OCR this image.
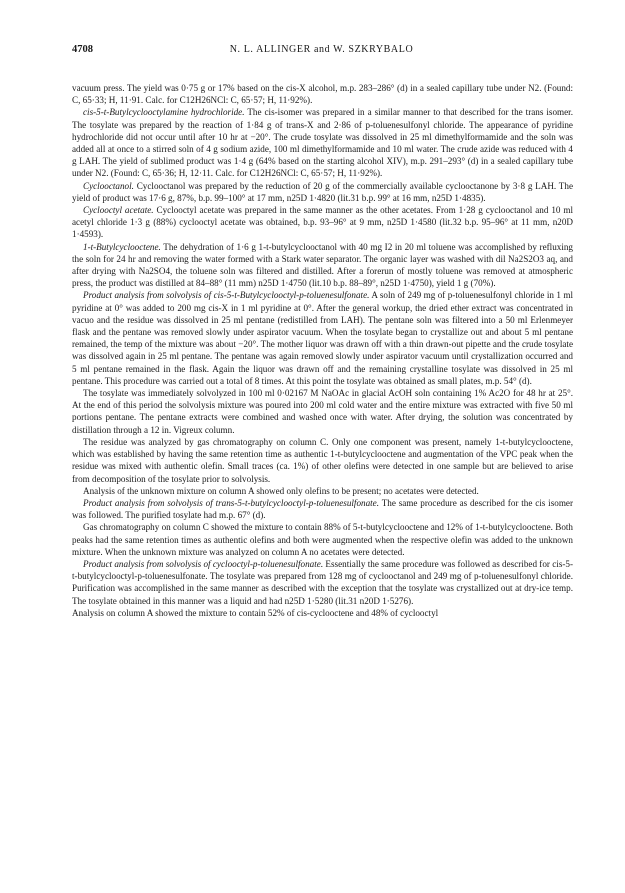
4708	N. L. ALLINGER and W. SZKRYBALO

vacuum press. The yield was 0·75 g or 17% based on the cis-X alcohol, m.p. 283–286° (d) in a sealed capillary tube under N2. (Found: C, 65·33; H, 11·91. Calc. for C12H26NCl: C, 65·57; H, 11·92%).

cis-5-t-Butylcyclooctylamine hydrochloride. The cis-isomer was prepared in a similar manner to that described for the trans isomer. The tosylate was prepared by the reaction of 1·84 g of trans-X and 2·86 of p-toluenesulfonyl chloride. The appearance of pyridine hydrochloride did not occur until after 10 hr at −20°. The crude tosylate was dissolved in 25 ml dimethylformamide and the soln was added all at once to a stirred soln of 4 g sodium azide, 100 ml dimethylformamide and 10 ml water. The crude azide was reduced with 4 g LAH. The yield of sublimed product was 1·4 g (64% based on the starting alcohol XIV), m.p. 291–293° (d) in a sealed capillary tube under N2. (Found: C, 65·36; H, 12·11. Calc. for C12H26NCl: C, 65·57; H, 11·92%).

Cyclooctanol. Cyclooctanol was prepared by the reduction of 20 g of the commercially available cyclooctanone by 3·8 g LAH. The yield of product was 17·6 g, 87%, b.p. 99–100° at 17 mm, n25D 1·4820 (lit.31 b.p. 99° at 16 mm, n25D 1·4835).

Cyclooctyl acetate. Cyclooctyl acetate was prepared in the same manner as the other acetates. From 1·28 g cyclooctanol and 10 ml acetyl chloride 1·3 g (88%) cyclooctyl acetate was obtained, b.p. 93–96° at 9 mm, n25D 1·4580 (lit.32 b.p. 95–96° at 11 mm, n20D 1·4593).

1-t-Butylcyclooctene. The dehydration of 1·6 g 1-t-butylcyclooctanol with 40 mg I2 in 20 ml toluene was accomplished by refluxing the soln for 24 hr and removing the water formed with a Stark water separator. The organic layer was washed with dil Na2S2O3 aq, and after drying with Na2SO4, the toluene soln was filtered and distilled. After a forerun of mostly toluene was removed at atmospheric press, the product was distilled at 84–88° (11 mm) n25D 1·4750 (lit.10 b.p. 88–89°, n25D 1·4750), yield 1 g (70%).

Product analysis from solvolysis of cis-5-t-Butylcyclooctyl-p-toluenesulfonate. A soln of 249 mg of p-toluenesulfonyl chloride in 1 ml pyridine at 0° was added to 200 mg cis-X in 1 ml pyridine at 0°. After the general workup, the dried ether extract was concentrated in vacuo and the residue was dissolved in 25 ml pentane (redistilled from LAH). The pentane soln was filtered into a 50 ml Erlenmeyer flask and the pentane was removed slowly under aspirator vacuum. When the tosylate began to crystallize out and about 5 ml pentane remained, the temp of the mixture was about −20°. The mother liquor was drawn off with a thin drawn-out pipette and the crude tosylate was dissolved again in 25 ml pentane. The pentane was again removed slowly under aspirator vacuum until crystallization occurred and 5 ml pentane remained in the flask. Again the liquor was drawn off and the remaining crystalline tosylate was dissolved in 25 ml pentane. This procedure was carried out a total of 8 times. At this point the tosylate was obtained as small plates, m.p. 54° (d).

The tosylate was immediately solvolyzed in 100 ml 0·02167 M NaOAc in glacial AcOH soln containing 1% Ac2O for 48 hr at 25°. At the end of this period the solvolysis mixture was poured into 200 ml cold water and the entire mixture was extracted with five 50 ml portions pentane. The pentane extracts were combined and washed once with water. After drying, the solution was concentrated by distillation through a 12 in. Vigreux column.

The residue was analyzed by gas chromatography on column C. Only one component was present, namely 1-t-butylcyclooctene, which was established by having the same retention time as authentic 1-t-butylcyclooctene and augmentation of the VPC peak when the residue was mixed with authentic olefin. Small traces (ca. 1%) of other olefins were detected in one sample but are believed to arise from decomposition of the tosylate prior to solvolysis.

Analysis of the unknown mixture on column A showed only olefins to be present; no acetates were detected.

Product analysis from solvolysis of trans-5-t-butylcyclooctyl-p-toluenesulfonate. The same procedure as described for the cis isomer was followed. The purified tosylate had m.p. 67° (d).

Gas chromatography on column C showed the mixture to contain 88% of 5-t-butylcyclooctene and 12% of 1-t-butylcyclooctene. Both peaks had the same retention times as authentic olefins and both were augmented when the respective olefin was added to the unknown mixture. When the unknown mixture was analyzed on column A no acetates were detected.

Product analysis from solvolysis of cyclooctyl-p-toluenesulfonate. Essentially the same procedure was followed as described for cis-5-t-butylcyclooctyl-p-toluenesulfonate. The tosylate was prepared from 128 mg of cyclooctanol and 249 mg of p-toluenesulfonyl chloride. Purification was accomplished in the same manner as described with the exception that the tosylate was crystallized out at dry-ice temp. The tosylate obtained in this manner was a liquid and had n25D 1·5280 (lit.31 n20D 1·5276).

Analysis on column A showed the mixture to contain 52% of cis-cyclooctene and 48% of cyclooctyl
